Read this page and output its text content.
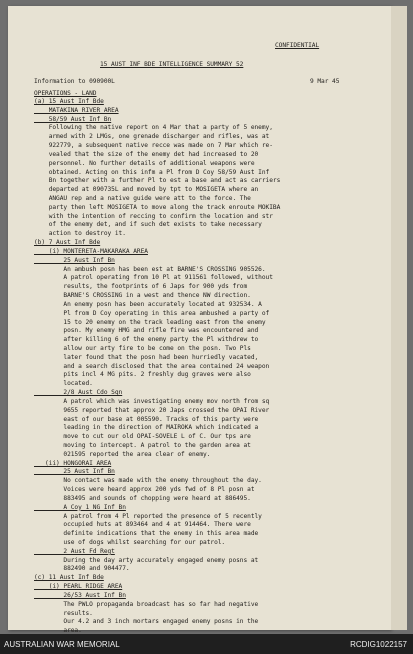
CONFIDENTIAL
15 AUST INF BDE INTELLIGENCE SUMMARY 52
Information to 090900L	9 Mar 45
OPERATIONS - LAND
(a) 15 Aust Inf Bde
MATAKINA RIVER AREA
58/59 Aust Inf Bn
Following the native report on 4 Mar that a party of 5 enemy,
armed with 2 LMGs, one grenade discharger and rifles, was at
922779, a subsequent native recce was made on 7 Mar which re-
vealed that the size of the enemy det had increased to 20
personnel. No further details of additional weapons were
obtained. Acting on this infm a Pl from D Coy 58/59 Aust Inf
Bn together with a further Pl to est a base and act as carriers
departed at 090735L and moved by tpt to MOSIGETA where an
ANGAU rep and a native guide were att to the force. The
party then left MOSIGETA to move along the track enroute MOKIBA
with the intention of reccing to confirm the location and str
of the enemy det, and if such det exists to take necessary
action to destroy it.
(b) 7 Aust Inf Bde
(i) MONTERETA-MAKARAKA AREA
25 Aust Inf Bn
An ambush posn has been est at BARNE'S CROSSING 905526.
A patrol operating from 10 Pl at 911561 followed, without
results, the footprints of 6 Japs for 900 yds from
BARNE'S CROSSING in a west and thence NW direction.
An enemy posn has been accurately located at 932534. A
Pl from D Coy operating in this area ambushed a party of
15 to 20 enemy on the track leading east from the enemy
posn. My enemy HMG and rifle fire was encountered and
after killing 6 of the enemy party the Pl withdrew to
allow our arty fire to be come on the posn. Two Pls
later found that the posn had been hurriedly vacated,
and a search disclosed that the area contained 24 weapon
pits incl 4 MG pits. 2 freshly dug graves were also
located.
2/8 Aust Cdo Sqn
A patrol which was investigating enemy mov north from sq
9655 reported that approx 20 Japs crossed the OPAI River
east of our base at 005590. Tracks of this party were
leading in the direction of MAIROKA which indicated a
move to cut our old OPAI-SOVELE L of C. Our tps are
moving to intercept. A patrol to the garden area at
021595 reported the area clear of enemy.
(ii) HONGORAI AREA
25 Aust Inf Bn
No contact was made with the enemy throughout the day.
Voices were heard approx 200 yds fwd of 8 Pl posn at
883495 and sounds of chopping were heard at 886495.
A Coy 1 NG Inf Bn
A patrol from 4 Pl reported the presence of 5 recently
occupied huts at 893464 and 4 at 914464. There were
definite indications that the enemy in this area made
use of dogs whilst searching for our patrol.
2 Aust Fd Regt
During the day arty accurately engaged enemy posns at
882490 and 904477.
(c) 11 Aust Inf Bde
(i) PEARL RIDGE AREA
26/53 Aust Inf Bn
The PWLO propaganda broadcast has so far had negative
results.
Our 4.2 and 3 inch mortars engaged enemy posns in the
area.
AUSTRALIAN WAR MEMORIAL	RCDIG1022157
